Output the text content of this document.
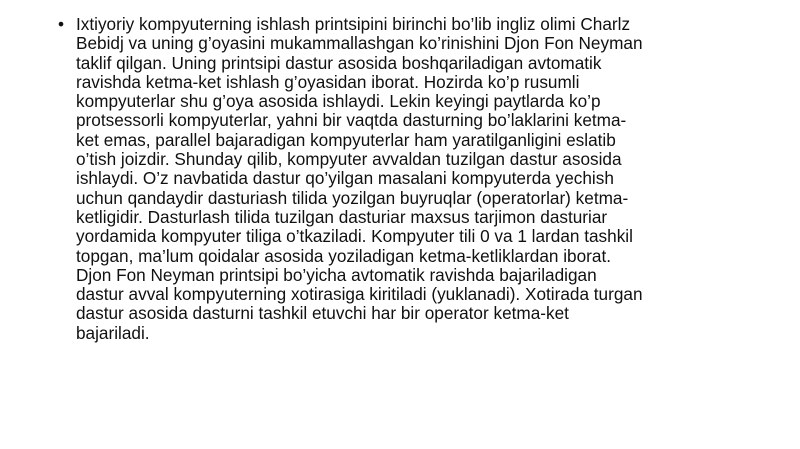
• Ixtiyoriy kompyuterning ishlash printsipini birinchi bo’lib ingliz olimi Charlz
Bebidj va uning g’oyasini mukammallashgan ko’rinishini Djon Fon Neyman
taklif qilgan. Uning printsipi dastur asosida boshqariladigan avtomatik
ravishda ketma-ket ishlash g’oyasidan iborat. Hozirda ko’p rusumli
kompyuterlar shu g’oya asosida ishlaydi. Lekin keyingi paytlarda ko’p
protsessorli kompyuterlar, yahni bir vaqtda dasturning bo’laklarini ketma-
ket emas, parallel bajaradigan kompyuterlar ham yaratilganligini eslatib
o’tish joizdir. Shunday qilib, kompyuter avvaldan tuzilgan dastur asosida
ishlaydi. O’z navbatida dastur qo’yilgan masalani kompyuterda yechish
uchun qandaydir dasturiash tilida yozilgan buyruqlar (operatorlar) ketma-
ketligidir. Dasturlash tilida tuzilgan dasturiar maxsus tarjimon dasturiar
yordamida kompyuter tiliga o’tkaziladi. Kompyuter tili 0 va 1 lardan tashkil
topgan, ma’lum qoidalar asosida yoziladigan ketma-ketliklardan iborat.
Djon Fon Neyman printsipi bo’yicha avtomatik ravishda bajariladigan
dastur avval kompyuterning xotirasiga kiritiladi (yuklanadi). Xotirada turgan
dastur asosida dasturni tashkil etuvchi har bir operator ketma-ket
bajariladi.
